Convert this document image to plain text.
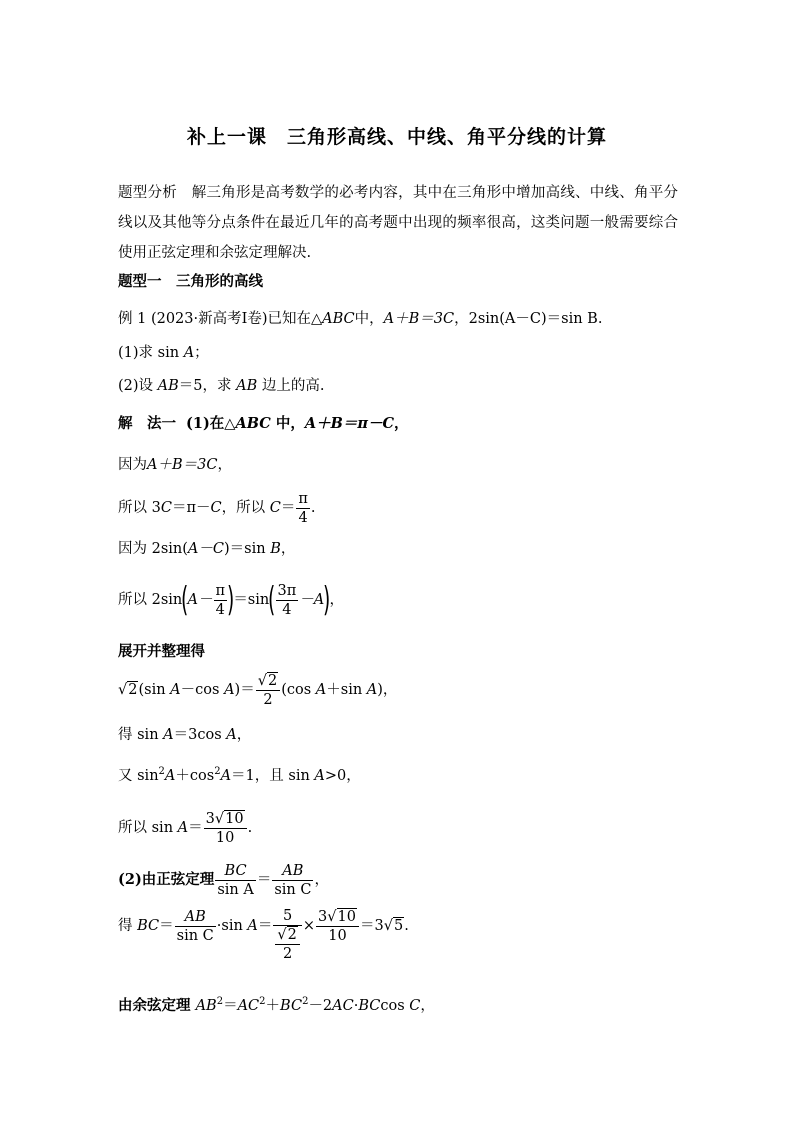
补上一课　三角形高线、中线、角平分线的计算
题型分析　 解三角形是高考数学的必考内容，其中在三角形中增加高线、中线、角平分线以及其他等分点条件在最近几年的高考题中出现的频率很高，这类问题一般需要综合使用正弦定理和余弦定理解决.
题型一　三角形的高线
例 1 (2023·新高考Ⅰ卷)已知在△ABC中，A＋B＝3C，2sin(A－C)＝sin B.
(1)求 sin A；
(2)设 AB＝5，求 AB 边上的高.
解　法一 (1)在△ABC 中，A＋B＝π－C，
因为A＋B＝3C，
所以 3C＝π－C，所以 $C= \frac{\pi}{4}$ .
因为 2sin(A－C)＝sin B，
所以 $2\sin(A- \frac{\pi}{4} )=\sin( \frac{3\pi}{4} -A)$，
展开并整理得
√2(sin A－cos $A)= \frac{√2}{2} (\cos$ A＋sin A)，
得 sin A＝3cos A，
又 $\sin^2A+\cos^2A=1$，且 sin A>0，
所以 $\sin A= \frac{3√10}{10}$ .
(2)由正弦定理 $\frac{BC}{\text{sin A}} = \frac{AB}{\text{sin C}}$ ，
得 $BC= \frac{AB}{\text{sin C}} \cdot\sin$ $A= \frac{5}{\frac{√2}{2}} \times \frac{3√10}{10} =3√5$.
由余弦定理 $AB^2=AC^2+BC^2-2AC\cdot BCcos$ C，
